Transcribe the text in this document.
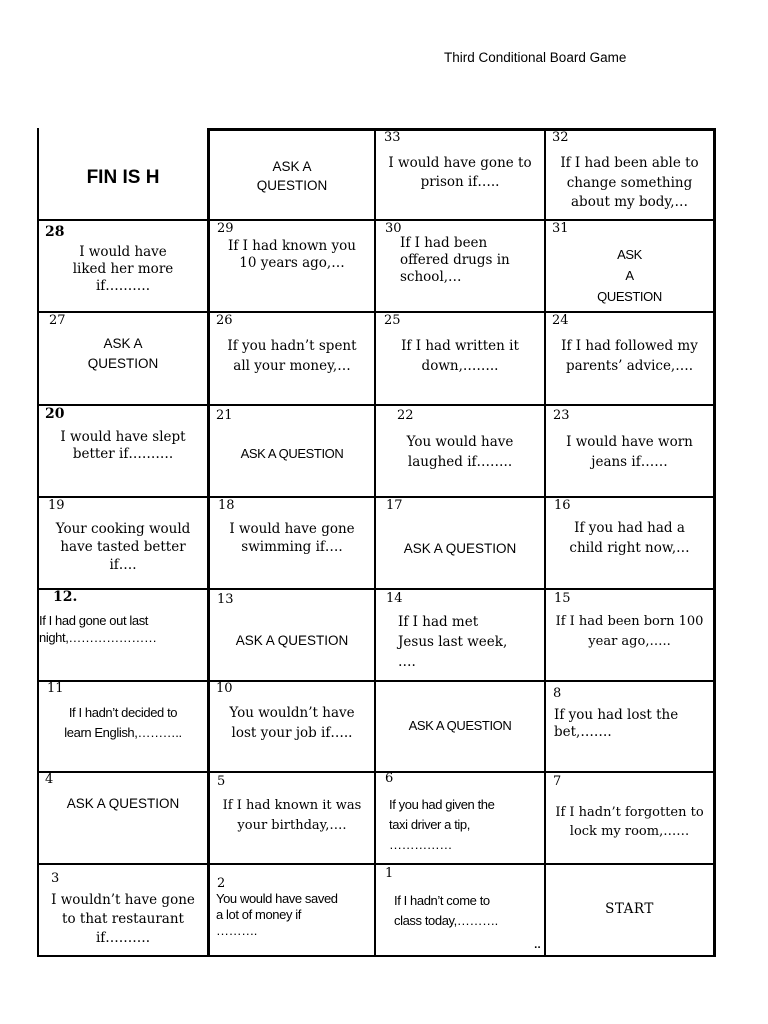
Third Conditional Board Game
FIN IS H
ASK A
QUESTION
33
I would have gone to
prison if…..
32
If I had been able to
change something
about my body,…
28
I would have
liked her more
if……….
29
If I had known you
10 years ago,…
30
If I had been
offered drugs in
school,…
31
ASK
A
QUESTION
27
ASK A
QUESTION
26
If you hadn’t spent
all your money,…
25
If I had written it
down,……..
24
If I had followed my
parents’ advice,….
20
I would have slept
better if……….
21
ASK A QUESTION
22
You would have
laughed if……..
23
I would have worn
jeans if……
19
Your cooking would
have tasted better
if….
18
I would have gone
swimming if….
17
ASK A QUESTION
16
If you had had a
child right now,…
12.
If I had gone out last
night,…………………
13
ASK A QUESTION
14
If I had met
Jesus last week,
….
15
If I had been born 100
year ago,…..
11
If I hadn’t decided to
learn English,………..
10
You wouldn’t have
lost your job if…..	ASK A QUESTION
8
If you had lost the
bet,…….
4
ASK A QUESTION
5
If I had known it was
your birthday,….
6
If you had given the
taxi driver a tip,
……………
7
If I hadn’t forgotten to
lock my room,……
3
I wouldn’t have gone
to that restaurant
if……….
2
You would have saved
a lot of money if
……….
1
If I hadn’t come to
class today,……….
..
START
